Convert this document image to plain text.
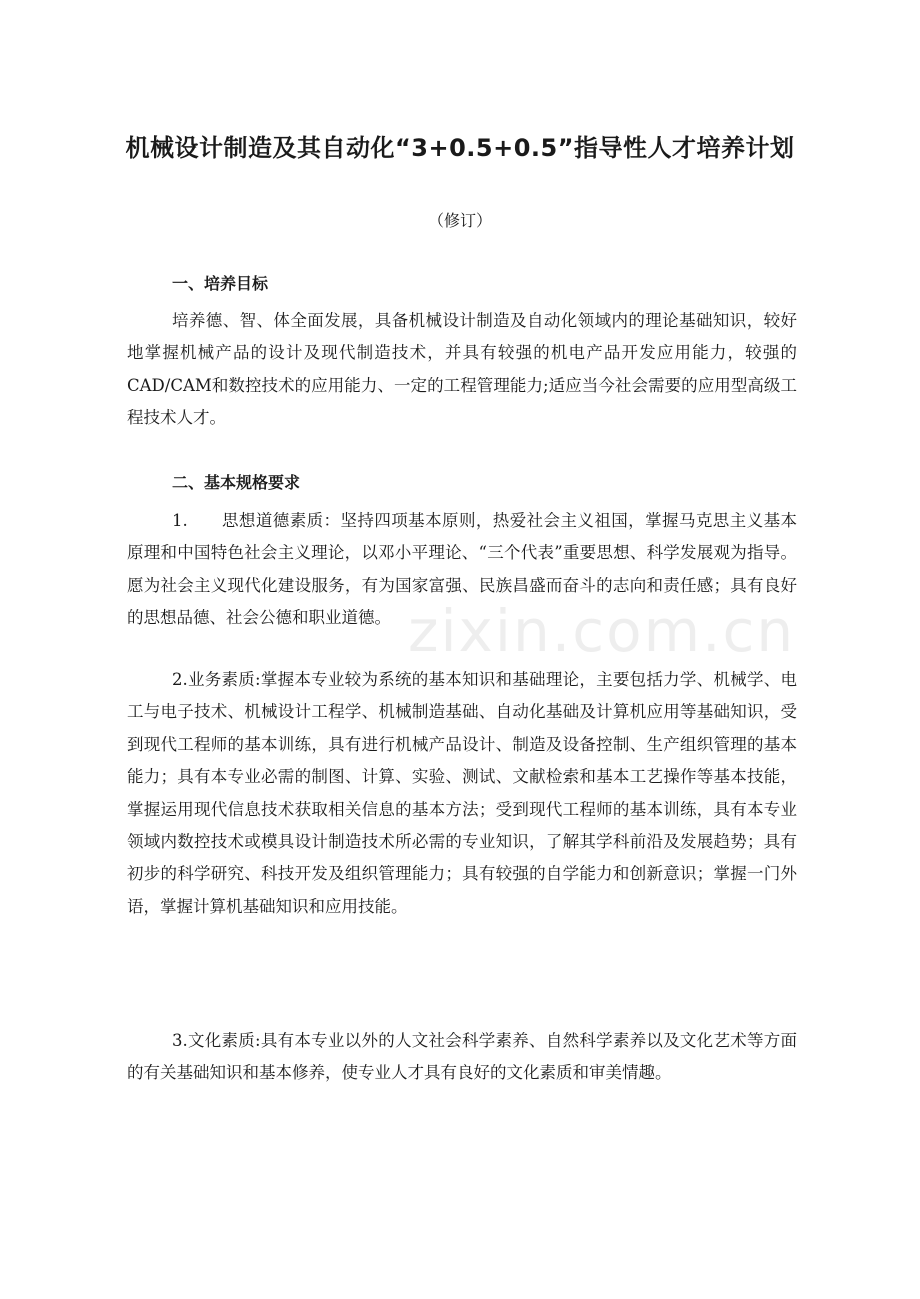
机械设计制造及其自动化“3+0.5+0.5”指导性人才培养计划
（修订）
一、培养目标

培养德、智、体全面发展，具备机械设计制造及自动化领域内的理论基础知识，较好地掌握机械产品的设计及现代制造技术，并具有较强的机电产品开发应用能力，较强的CAD/CAM和数控技术的应用能力、一定的工程管理能力;适应当今社会需要的应用型高级工程技术人才。

二、基本规格要求

1.　　思想道德素质：坚持四项基本原则，热爱社会主义祖国，掌握马克思主义基本原理和中国特色社会主义理论，以邓小平理论、“三个代表”重要思想、科学发展观为指导。愿为社会主义现代化建设服务，有为国家富强、民族昌盛而奋斗的志向和责任感；具有良好的思想品德、社会公德和职业道德。

2.业务素质:掌握本专业较为系统的基本知识和基础理论，主要包括力学、机械学、电工与电子技术、机械设计工程学、机械制造基础、自动化基础及计算机应用等基础知识，受到现代工程师的基本训练，具有进行机械产品设计、制造及设备控制、生产组织管理的基本能力；具有本专业必需的制图、计算、实验、测试、文献检索和基本工艺操作等基本技能，掌握运用现代信息技术获取相关信息的基本方法；受到现代工程师的基本训练，具有本专业领域内数控技术或模具设计制造技术所必需的专业知识，了解其学科前沿及发展趋势；具有初步的科学研究、科技开发及组织管理能力；具有较强的自学能力和创新意识；掌握一门外语，掌握计算机基础知识和应用技能。

3.文化素质:具有本专业以外的人文社会科学素养、自然科学素养以及文化艺术等方面的有关基础知识和基本修养，使专业人才具有良好的文化素质和审美情趣。

zixin.com.cn
